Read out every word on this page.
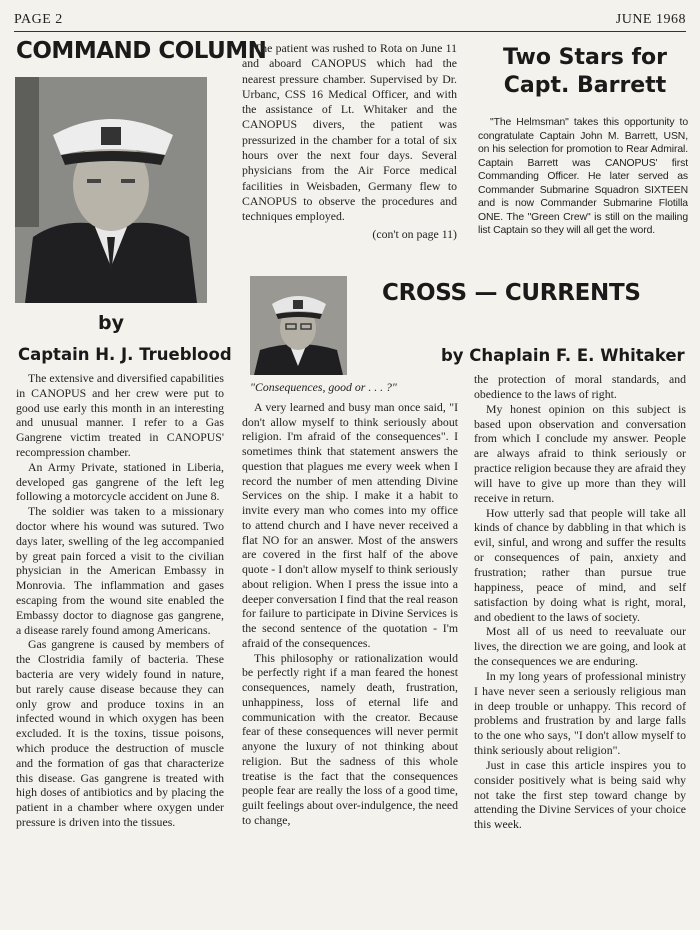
PAGE 2	JUNE 1968
COMMAND COLUMN
by
Captain H. J. Trueblood

The extensive and diversified capabilities in CANOPUS and her crew were put to good use early this month in an interesting and unusual manner. I refer to a Gas Gangrene victim treated in CANOPUS' recompression chamber.

An Army Private, stationed in Liberia, developed gas gangrene of the left leg following a motorcycle accident on June 8.

The soldier was taken to a missionary doctor where his wound was sutured. Two days later, swelling of the leg accompanied by great pain forced a visit to the civilian physician in the American Embassy in Monrovia. The inflammation and gases escaping from the wound site enabled the Embassy doctor to diagnose gas gangrene, a disease rarely found among Americans.

Gas gangrene is caused by members of the Clostridia family of bacteria. These bacteria are very widely found in nature, but rarely cause disease because they can only grow and produce toxins in an infected wound in which oxygen has been excluded. It is the toxins, tissue poisons, which produce the destruction of muscle and the formation of gas that characterize this disease. Gas gangrene is treated with high doses of antibiotics and by placing the patient in a chamber where oxygen under pressure is driven into the tissues.

The patient was rushed to Rota on June 11 and aboard CANOPUS which had the nearest pressure chamber. Supervised by Dr. Urbanc, CSS 16 Medical Officer, and with the assistance of Lt. Whitaker and the CANOPUS divers, the patient was pressurized in the chamber for a total of six hours over the next four days. Several physicians from the Air Force medical facilities in Weisbaden, Germany flew to CANOPUS to observe the procedures and techniques employed.

(con't on page 11)
Two Stars for
Capt. Barrett

"The Helmsman" takes this opportunity to congratulate Captain John M. Barrett, USN, on his selection for promotion to Rear Admiral. Captain Barrett was CANOPUS' first Commanding Officer. He later served as Commander Submarine Squadron SIXTEEN and is now Commander Submarine Flotilla ONE. The "Green Crew" is still on the mailing list Captain so they will all get the word.

CROSS — CURRENTS
by Chaplain F. E. Whitaker
"Consequences, good or . . . ?"

A very learned and busy man once said, "I don't allow myself to think seriously about religion. I'm afraid of the consequences". I sometimes think that statement answers the question that plagues me every week when I record the number of men attending Divine Services on the ship. I make it a habit to invite every man who comes into my office to attend church and I have never received a flat NO for an answer. Most of the answers are covered in the first half of the above quote - I don't allow myself to think seriously about religion. When I press the issue into a deeper conversation I find that the real reason for failure to participate in Divine Services is the second sentence of the quotation - I'm afraid of the consequences.

This philosophy or rationalization would be perfectly right if a man feared the honest consequences, namely death, frustration, unhappiness, loss of eternal life and communication with the creator. Because fear of these consequences will never permit anyone the luxury of not thinking about religion. But the sadness of this whole treatise is the fact that the consequences people fear are really the loss of a good time, guilt feelings about over-indulgence, the need to change,

the protection of moral standards, and obedience to the laws of right.

My honest opinion on this subject is based upon observation and conversation from which I conclude my answer. People are always afraid to think seriously or practice religion because they are afraid they will have to give up more than they will receive in return.

How utterly sad that people will take all kinds of chance by dabbling in that which is evil, sinful, and wrong and suffer the results or consequences of pain, anxiety and frustration; rather than pursue true happiness, peace of mind, and self satisfaction by doing what is right, moral, and obedient to the laws of society.

Most all of us need to reevaluate our lives, the direction we are going, and look at the consequences we are enduring.

In my long years of professional ministry I have never seen a seriously religious man in deep trouble or unhappy. This record of problems and frustration by and large falls to the one who says, "I don't allow myself to think seriously about religion".

Just in case this article inspires you to consider positively what is being said why not take the first step toward change by attending the Divine Services of your choice this week.
